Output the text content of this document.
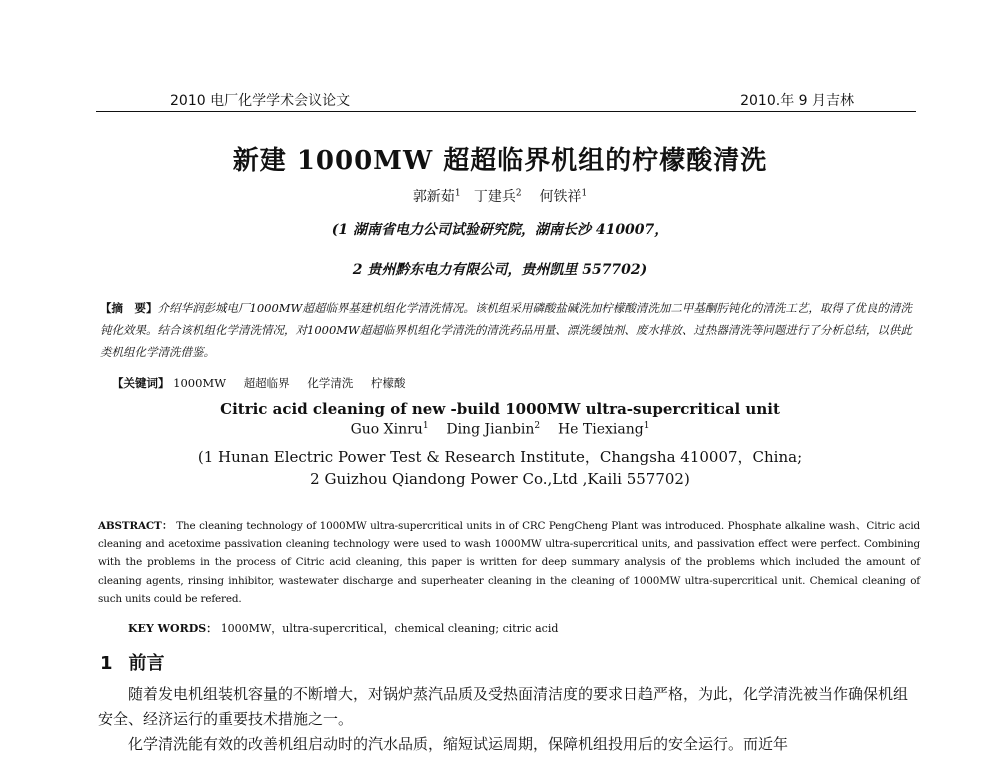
2010 电厂化学学术会议论文	2010.年 9 月吉林
新建 1000MW 超超临界机组的柠檬酸清洗
郭新茹$^1$ 丁建兵$^2$ 何铁祥$^1$
(1 湖南省电力公司试验研究院，湖南长沙 410007，
2 贵州黔东电力有限公司，贵州凯里 557702)
【摘　要】介绍华润彭城电厂1000MW超超临界基建机组化学清洗情况。该机组采用磷酸盐碱洗加柠檬酸清洗加二甲基酮肟钝化的清洗工艺，取得了优良的清洗钝化效果。结合该机组化学清洗情况，对1000MW超超临界机组化学清洗的清洗药品用量、漂洗缓蚀剂、废水排放、过热器清洗等问题进行了分析总结，以供此类机组化学清洗借鉴。
【关键词】 1000MW 超超临界 化学清洗 柠檬酸
Citric acid cleaning of new -build 1000MW ultra-supercritical unit
Guo Xinru$^1$ Ding Jianbin$^2$ He Tiexiang$^1$
(1 Hunan Electric Power Test & Research Institute，Changsha 410007，China;
2 Guizhou Qiandong Power Co.,Ltd ,Kaili 557702)
ABSTRACT： The cleaning technology of 1000MW ultra-supercritical units in of CRC PengCheng Plant was introduced. Phosphate alkaline wash、Citric acid cleaning and acetoxime passivation cleaning technology were used to wash 1000MW ultra-supercritical units, and passivation effect were perfect. Combining with the problems in the process of Citric acid cleaning, this paper is written for deep summary analysis of the problems which included the amount of cleaning agents, rinsing inhibitor, wastewater discharge and superheater cleaning in the cleaning of 1000MW ultra-supercritical unit. Chemical cleaning of such units could be refered.
KEY WORDS： 1000MW，ultra-supercritical，chemical cleaning; citric acid
1 前言

随着发电机组装机容量的不断增大，对锅炉蒸汽品质及受热面清洁度的要求日趋严格，为此，化学清洗被当作确保机组安全、经济运行的重要技术措施之一。

化学清洗能有效的改善机组启动时的汽水品质，缩短试运周期，保障机组投用后的安全运行。而近年
